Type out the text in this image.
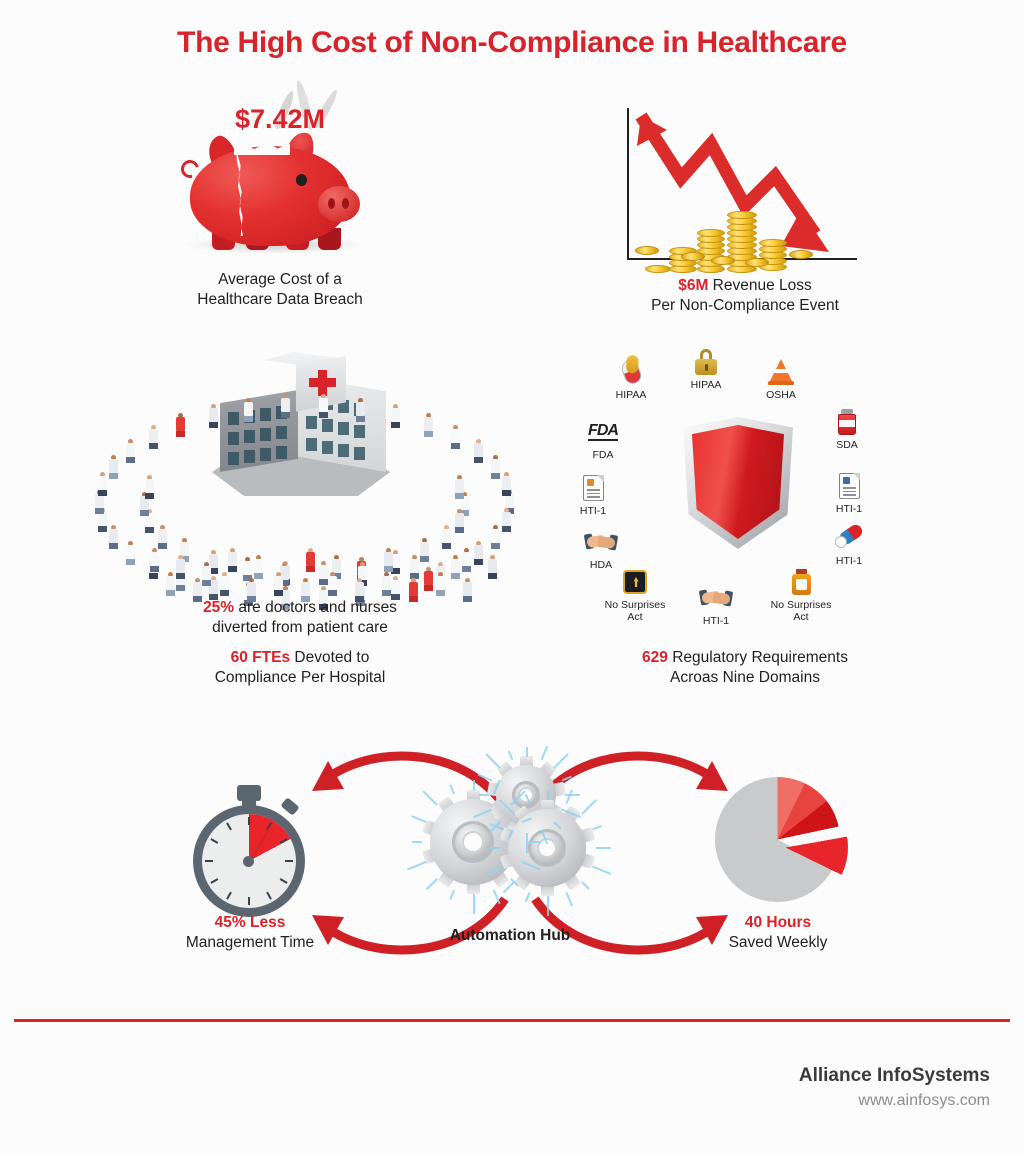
The High Cost of Non-Compliance in Healthcare
$7.42M
Average Cost of a
Healthcare Data Breach
$6M Revenue Loss
Per Non-Compliance Event
25% are doctors and nurses
diverted from patient care
60 FTEs Devoted to
Compliance Per Hospital
HIPAA
HIPAA
OSHA
FDA
FDA
SDA
HTI-1	HTI-1
HDA	HTI-1
No Surprises Act	HTI-1
No Surprises Act
629 Regulatory Requirements
Acroas Nine Domains
Automation Hub
45% Less
Management Time
40 Hours
Saved Weekly
Alliance InfoSystems
www.ainfosys.com
